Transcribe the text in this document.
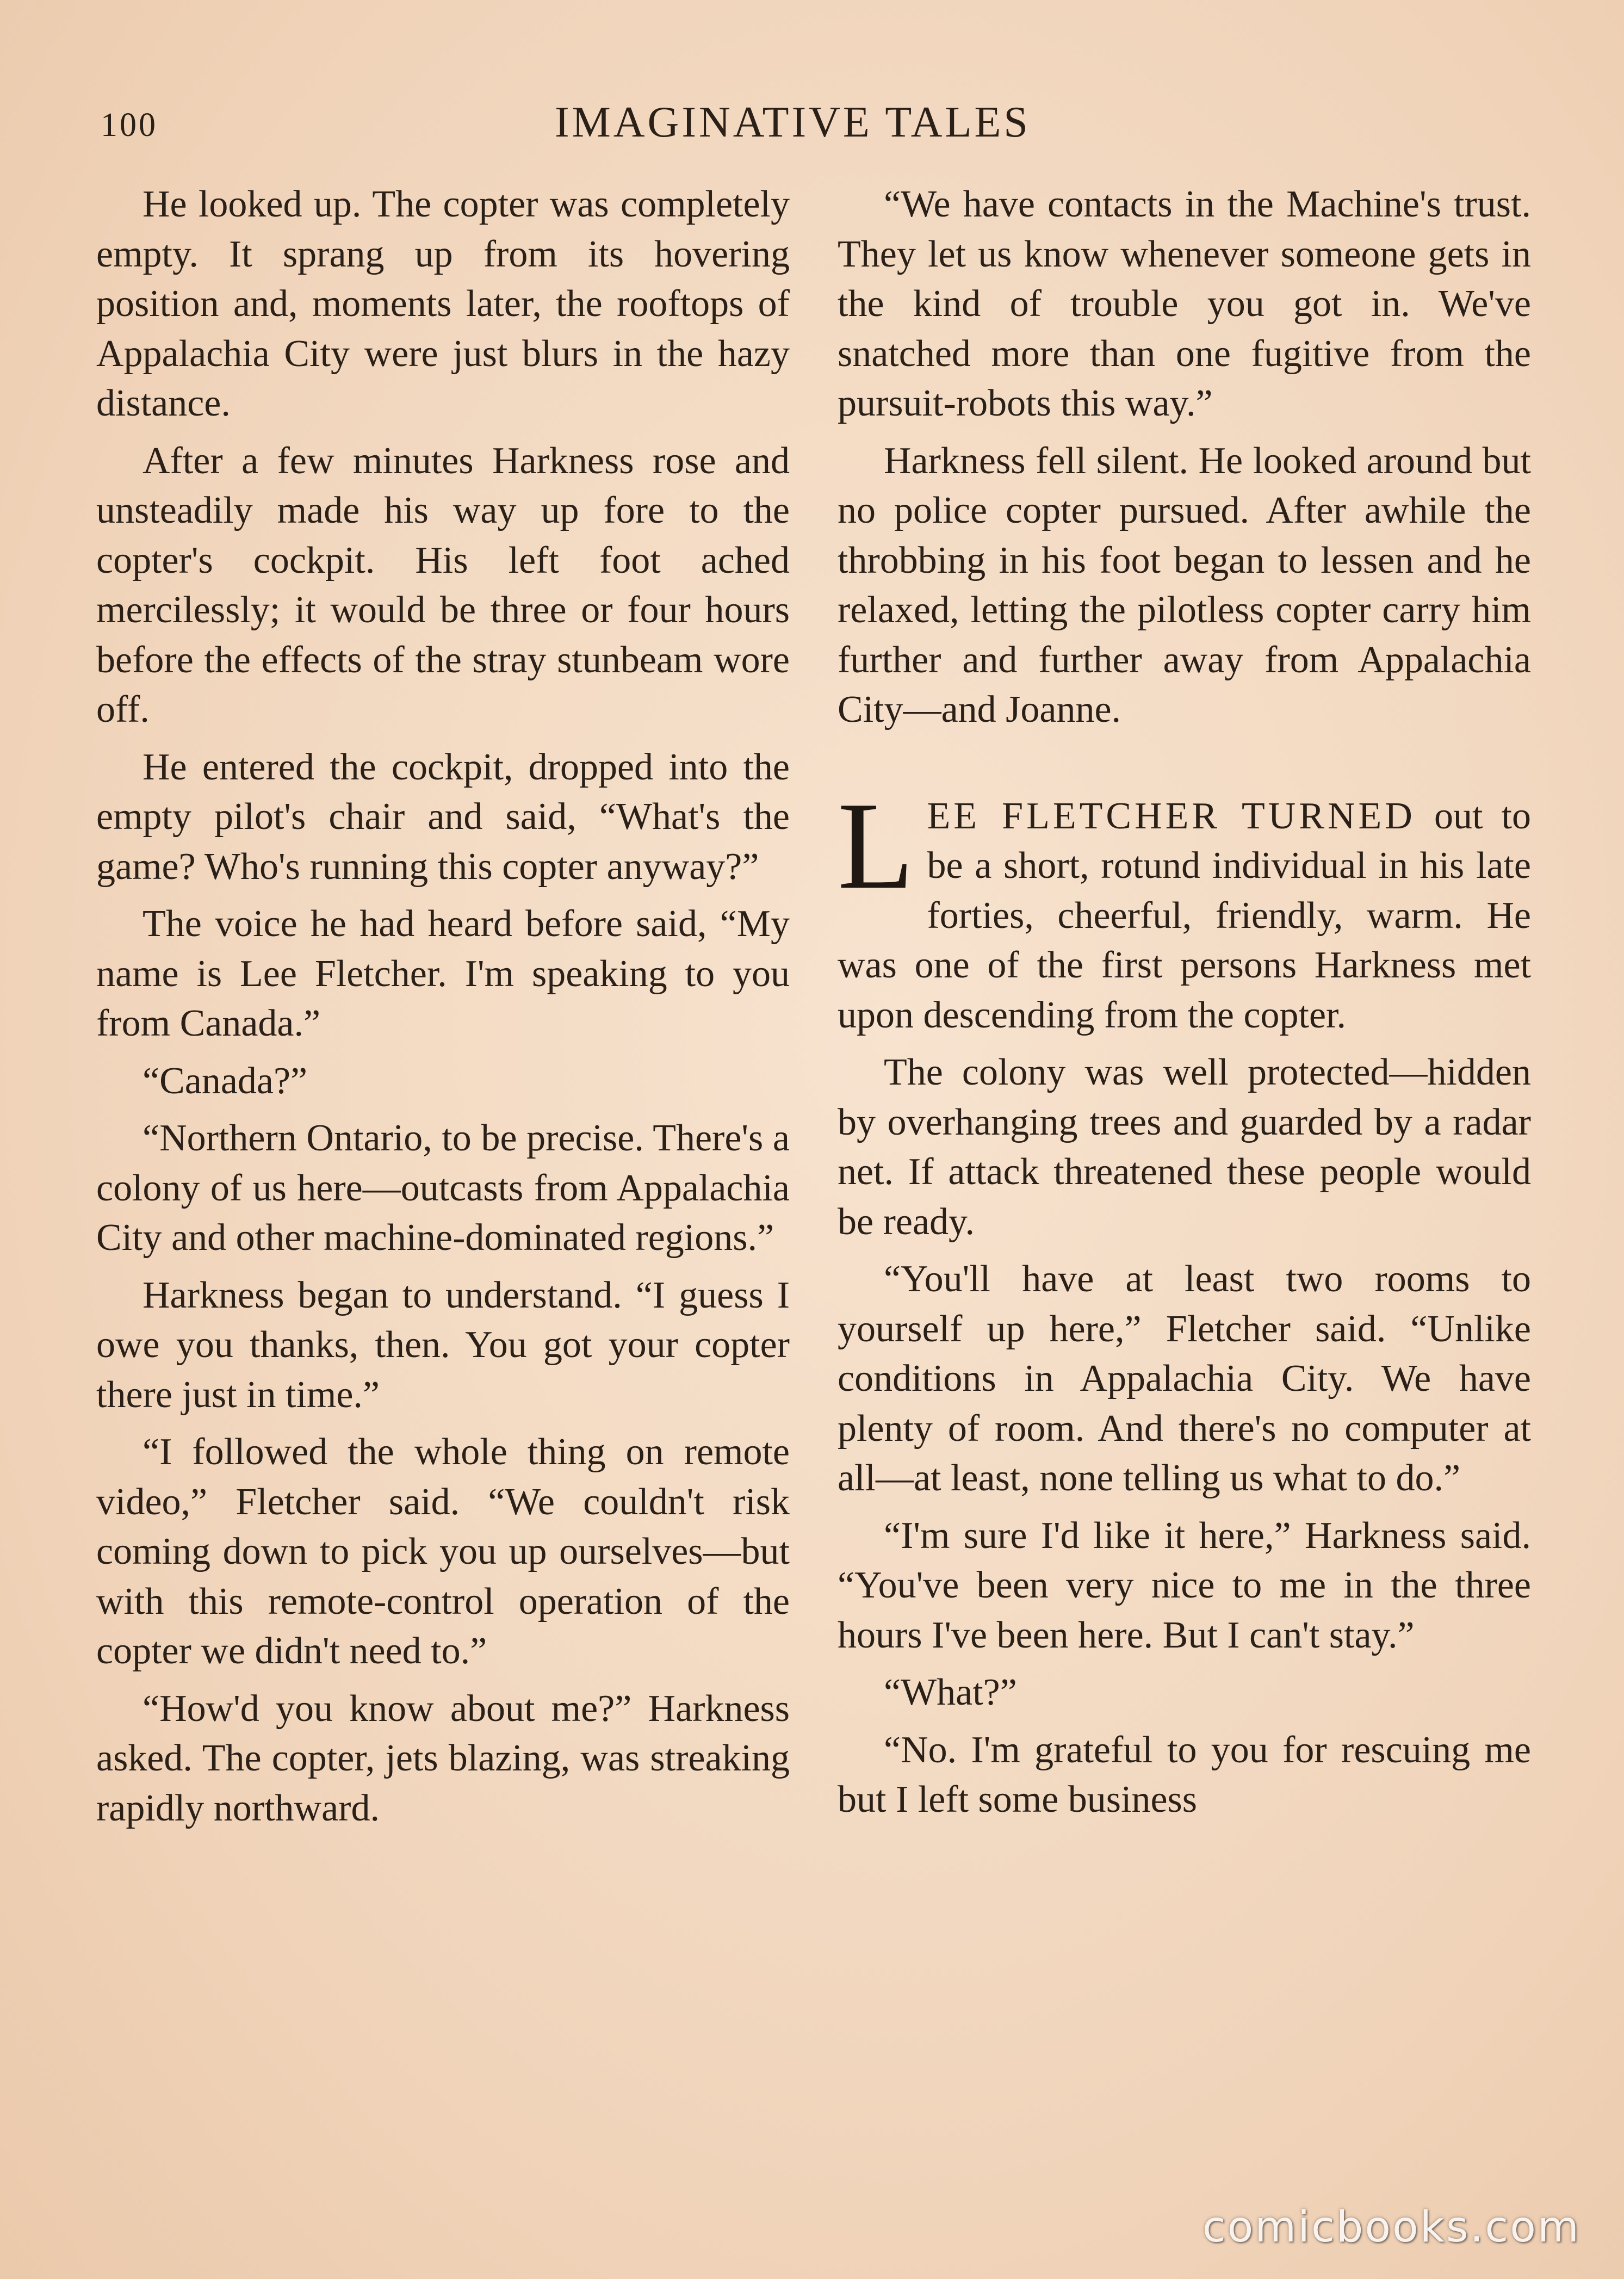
100	IMAGINATIVE TALES

He looked up. The copter was completely empty. It sprang up from its hovering position and, moments later, the rooftops of Appalachia City were just blurs in the hazy distance.

After a few minutes Harkness rose and unsteadily made his way up fore to the copter's cockpit. His left foot ached mercilessly; it would be three or four hours before the effects of the stray stunbeam wore off.

He entered the cockpit, dropped into the empty pilot's chair and said, “What's the game? Who's running this copter anyway?”

The voice he had heard before said, “My name is Lee Fletcher. I'm speaking to you from Canada.”

“Canada?”

“Northern Ontario, to be precise. There's a colony of us here—outcasts from Appalachia City and other machine-dominated regions.”

Harkness began to understand. “I guess I owe you thanks, then. You got your copter there just in time.”

“I followed the whole thing on remote video,” Fletcher said. “We couldn't risk coming down to pick you up ourselves—but with this remote-control operation of the copter we didn't need to.”

“How'd you know about me?” Harkness asked. The copter, jets blazing, was streaking rapidly northward.

“We have contacts in the Machine's trust. They let us know whenever someone gets in the kind of trouble you got in. We've snatched more than one fugitive from the pursuit-robots this way.”

Harkness fell silent. He looked around but no police copter pursued. After awhile the throbbing in his foot began to lessen and he relaxed, letting the pilotless copter carry him further and further away from Appalachia City—and Joanne.

LEE FLETCHER TURNED out to be a short, rotund individual in his late forties, cheerful, friendly, warm. He was one of the first persons Harkness met upon descending from the copter.

The colony was well protected—hidden by overhanging trees and guarded by a radar net. If attack threatened these people would be ready.

“You'll have at least two rooms to yourself up here,” Fletcher said. “Unlike conditions in Appalachia City. We have plenty of room. And there's no computer at all—at least, none telling us what to do.”

“I'm sure I'd like it here,” Harkness said. “You've been very nice to me in the three hours I've been here. But I can't stay.”

“What?”

“No. I'm grateful to you for rescuing me but I left some business

comicbooks.com
